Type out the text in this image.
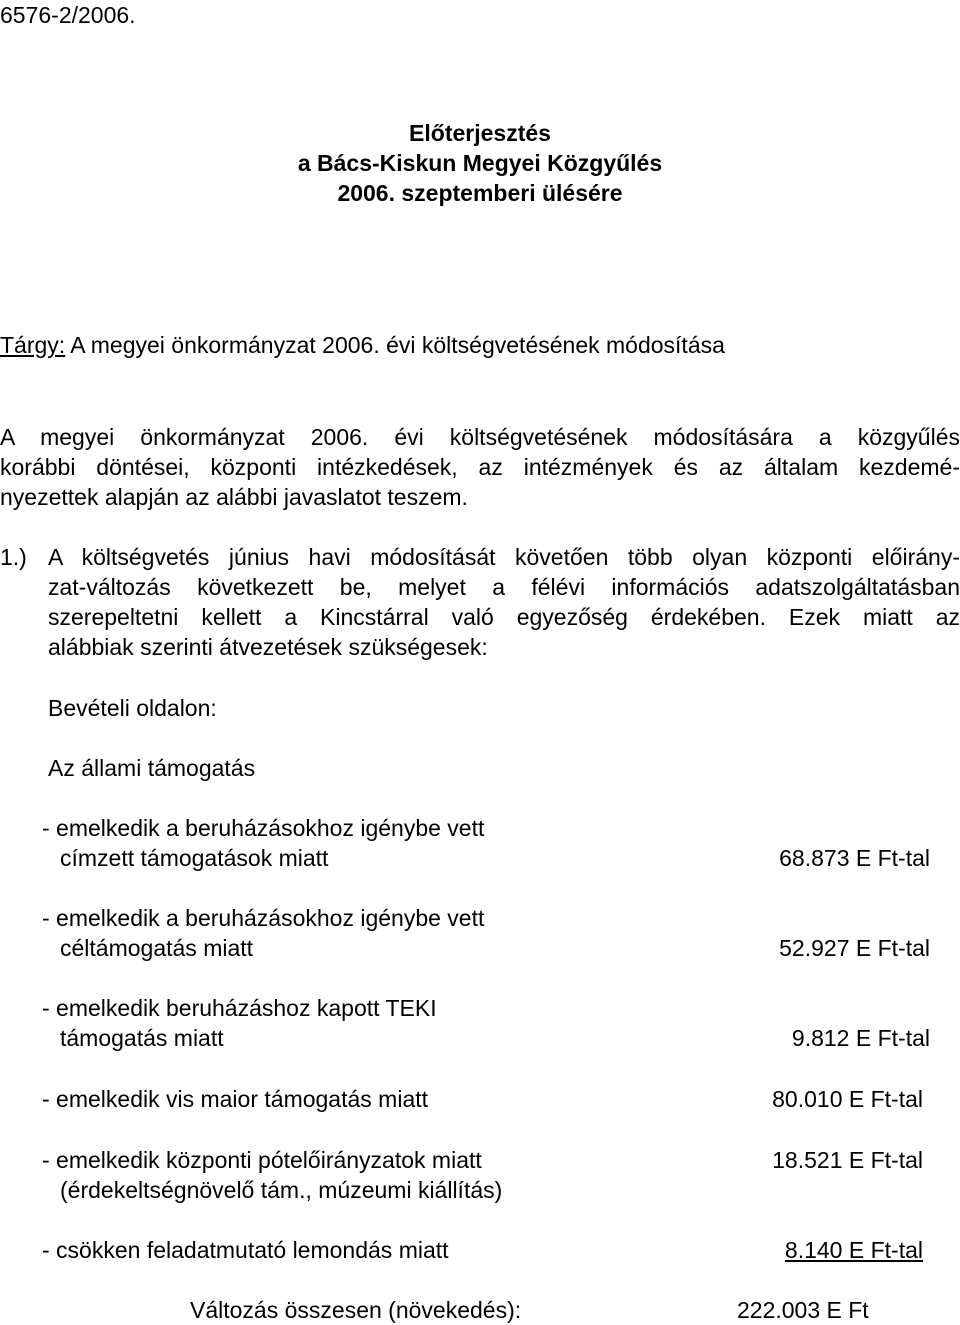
6576-2/2006.
Előterjesztés
a Bács-Kiskun Megyei Közgyűlés
2006. szeptemberi ülésére
Tárgy: A megyei önkormányzat 2006. évi költségvetésének módosítása
A megyei önkormányzat 2006. évi költségvetésének módosítására a közgyűlés
korábbi döntései, központi intézkedések, az intézmények és az általam kezdemé-
nyezettek alapján az alábbi javaslatot teszem.
1.) A költségvetés június havi módosítását követően több olyan központi előirány-
zat-változás következett be, melyet a félévi információs adatszolgáltatásban
szerepeltetni kellett a Kincstárral való egyezőség érdekében. Ezek miatt az
alábbiak szerinti átvezetések szükségesek:
Bevételi oldalon:
Az állami támogatás
- emelkedik a beruházásokhoz igénybe vett
címzett támogatások miatt	68.873 E Ft-tal
- emelkedik a beruházásokhoz igénybe vett
céltámogatás miatt	52.927 E Ft-tal
- emelkedik beruházáshoz kapott TEKI
támogatás miatt	9.812 E Ft-tal
- emelkedik vis maior támogatás miatt	80.010 E Ft-tal
- emelkedik központi pótelőirányzatok miatt
(érdekeltségnövelő tám., múzeumi kiállítás)
18.521 E Ft-tal
- csökken feladatmutató lemondás miatt	8.140 E Ft-tal
Változás összesen (növekedés):	222.003 E Ft
